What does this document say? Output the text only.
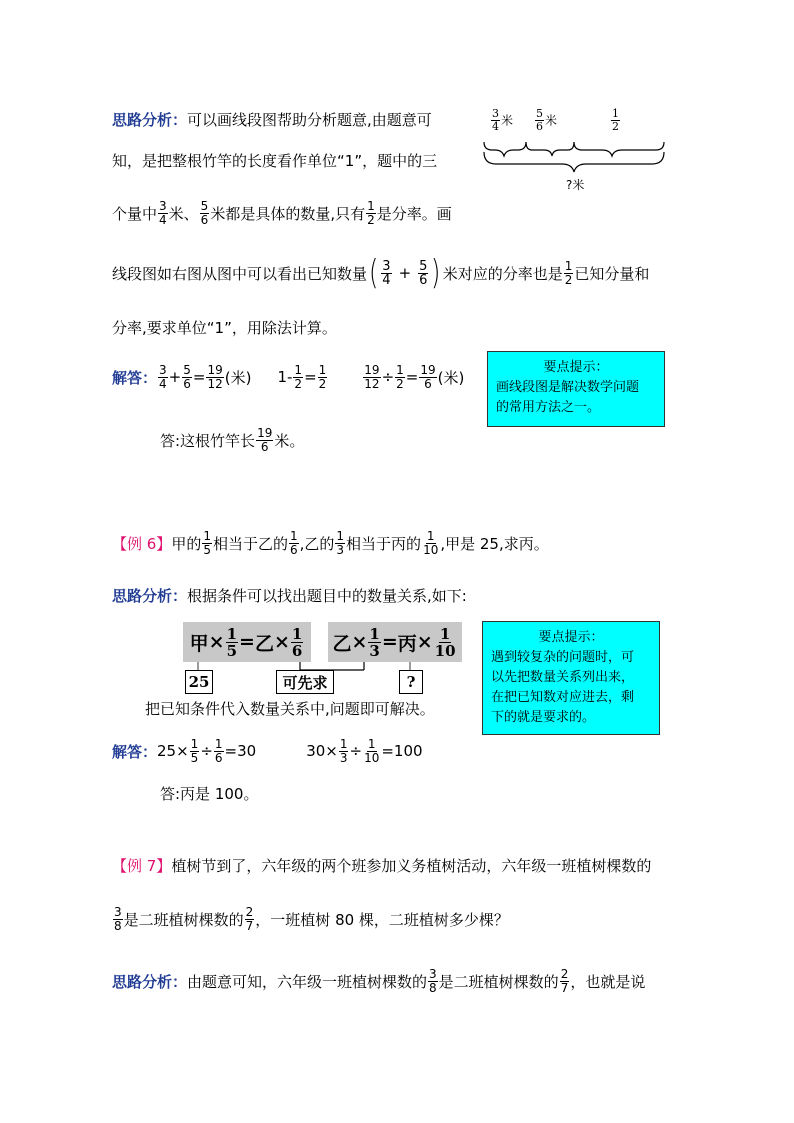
$\frac{3}{4}$ 米 $\frac{5}{6}$ 米	$\frac{1}{2}$
?米
思路分析： 可以画线段图帮助分析题意,由题意可
知，是把整根竹竿的长度看作单位“1”，题中的三
个量中 $\frac{3}{4}$ 米、 $\frac{5}{6}$ 米都是具体的数量,只有 $\frac{1}{2}$ 是分率。画
线段图如右图从图中可以看出已知数量 ( $\frac{3}{4} + \frac{5}{6}$ ) 米对应的分率也是 $\frac{1}{2}$ 已知分量和
分率,要求单位“1”，用除法计算。
解答： $\frac{3}{4} + \frac{5}{6} = \frac{19}{12}$ (米) $1- \frac{1}{2} = \frac{1}{2}$	$\frac{19}{12} \div \frac{1}{2} = \frac{19}{6}$ (米)
答:这根竹竿长 $\frac{19}{6}$ 米。
要点提示：
画线段图是解决数学问题
的常用方法之一。
【例 6】 甲的 $\frac{1}{5}$ 相当于乙的 $\frac{1}{6}$ ,乙的 $\frac{1}{3}$ 相当于丙的 $\frac{1}{10}$ ,甲是 25,求丙。
思路分析： 根据条件可以找出题目中的数量关系,如下:
甲 × $\frac{1}{5}$ = 乙 × $\frac{1}{6}$ 乙 × $\frac{1}{3}$ = 丙 × $\frac{1}{10}$
25	可先求	?
把已知条件代入数量关系中,问题即可解决。
要点提示：
遇到较复杂的问题时，可
以先把数量关系列出来，
在把已知数对应进去，剩
下的就是要求的。
解答： $25\times \frac{1}{5} \div \frac{1}{6} =30$	$30\times \frac{1}{3} \div \frac{1}{10} =100$
答:丙是 100。
【例 7】 植树节到了，六年级的两个班参加义务植树活动，六年级一班植树棵数的
$\frac{3}{8}$ 是二班植树棵数的 $\frac{2}{7}$ ，一班植树 80 棵，二班植树多少棵？
思路分析： 由题意可知，六年级一班植树棵数的 $\frac{3}{8}$ 是二班植树棵数的 $\frac{2}{7}$ ，也就是说
